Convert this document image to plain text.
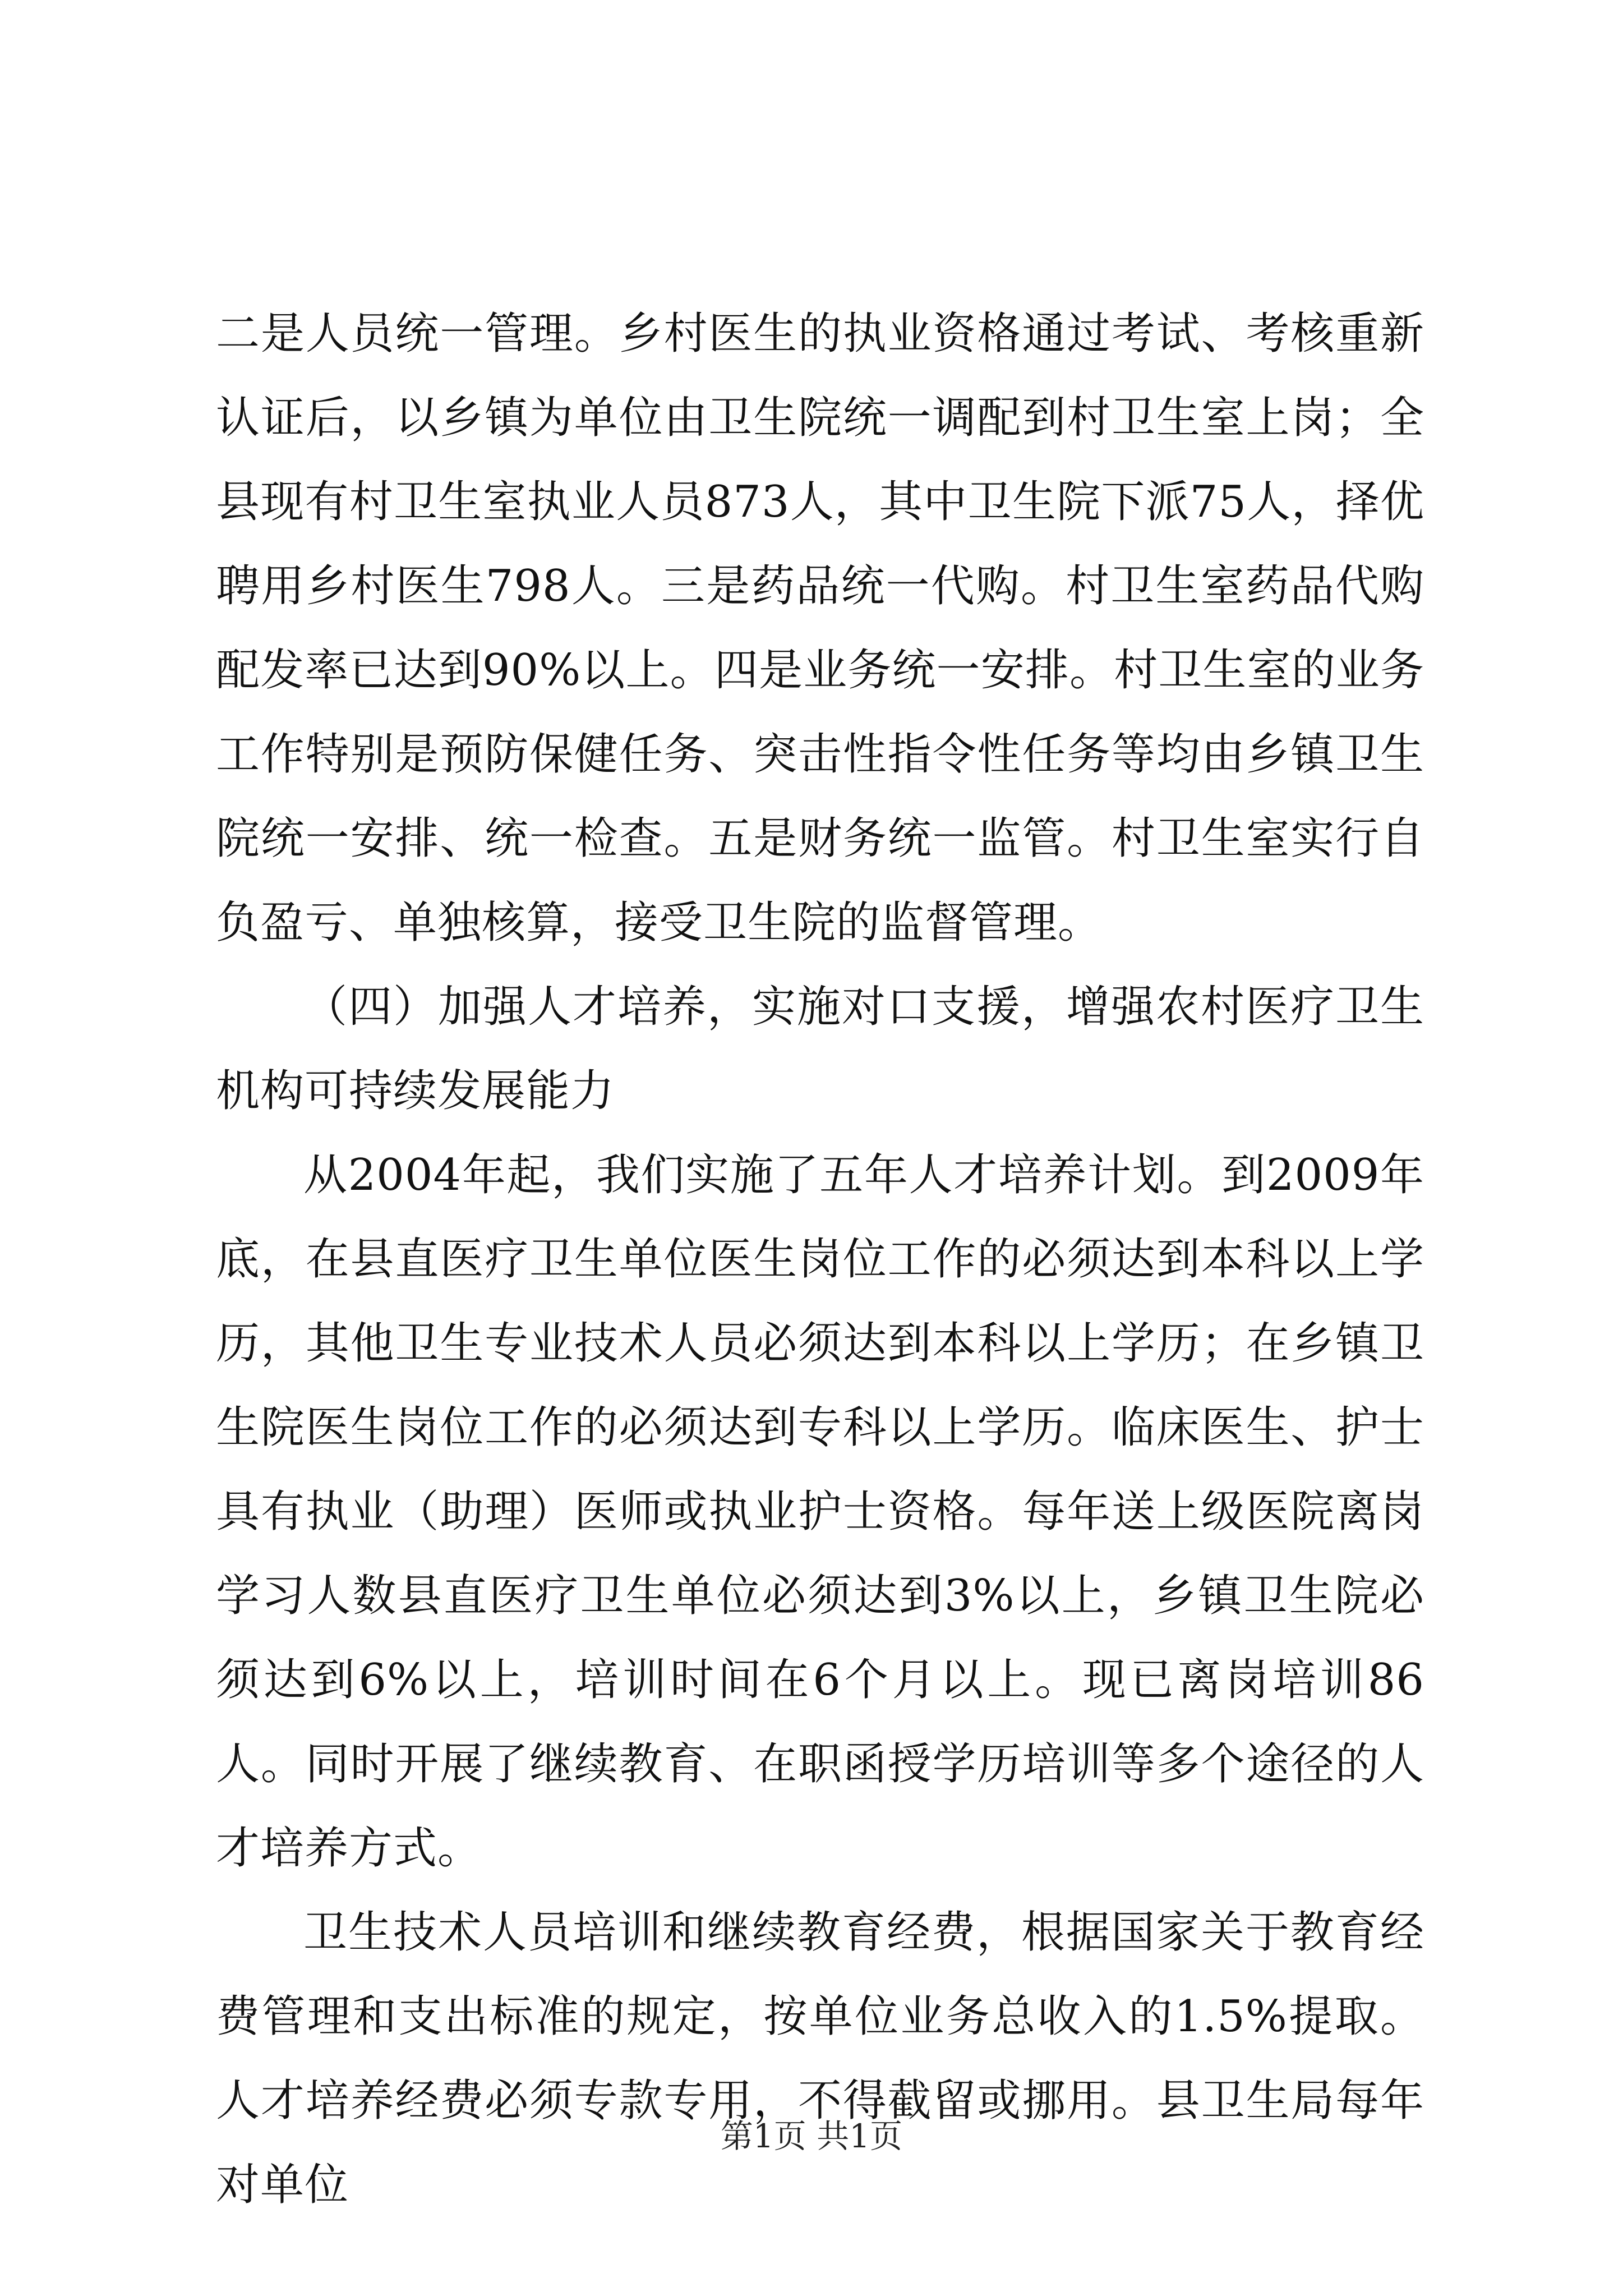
二是人员统一管理。乡村医生的执业资格通过考试、考核重新认证后，以乡镇为单位由卫生院统一调配到村卫生室上岗；全县现有村卫生室执业人员873人，其中卫生院下派75人，择优聘用乡村医生798人。三是药品统一代购。村卫生室药品代购配发率已达到90%以上。四是业务统一安排。村卫生室的业务工作特别是预防保健任务、突击性指令性任务等均由乡镇卫生院统一安排、统一检查。五是财务统一监管。村卫生室实行自负盈亏、单独核算，接受卫生院的监督管理。

（四）加强人才培养，实施对口支援，增强农村医疗卫生机构可持续发展能力

从2004年起，我们实施了五年人才培养计划。到2009年底，在县直医疗卫生单位医生岗位工作的必须达到本科以上学历，其他卫生专业技术人员必须达到本科以上学历；在乡镇卫生院医生岗位工作的必须达到专科以上学历。临床医生、护士具有执业（助理）医师或执业护士资格。每年送上级医院离岗学习人数县直医疗卫生单位必须达到3%以上，乡镇卫生院必须达到6%以上，培训时间在6个月以上。现已离岗培训86人。同时开展了继续教育、在职函授学历培训等多个途径的人才培养方式。

卫生技术人员培训和继续教育经费，根据国家关于教育经费管理和支出标准的规定，按单位业务总收入的1.5%提取。人才培养经费必须专款专用，不得截留或挪用。县卫生局每年对单位

第1页 共1页
